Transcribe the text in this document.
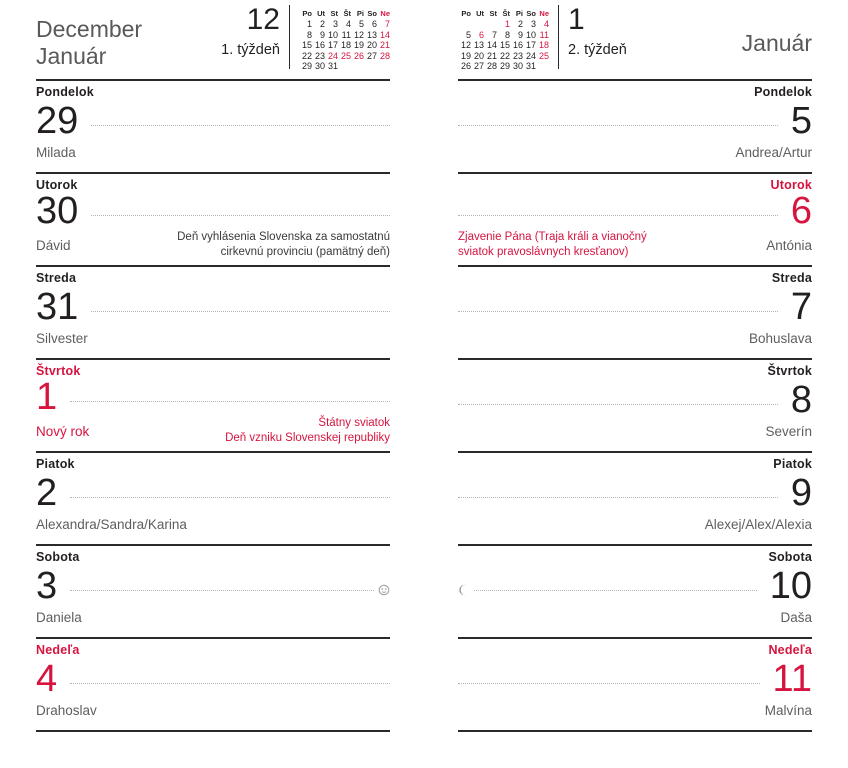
December
Január
12
1. týždeň
Po	Ut	St	Št	Pi	So	Ne
1	2	3	4	5	6	7
8	9	10	11	12	13	14
15	16	17	18	19	20	21
22	23	24	25	26	27	28
29	30	31				
Pondelok
29
Milada
Utorok
30
Dávid
Deň vyhlásenia Slovenska za samostatnú
cirkevnú provinciu (pamätný deň)
Streda
31
Silvester
Štvrtok
1
Nový rok
Štátny sviatok
Deň vzniku Slovenskej republiky
Piatok
2
Alexandra/Sandra/Karina
Sobota
3
Daniela
Nedeľa
4
Drahoslav
Po	Ut	St	Št	Pi	So	Ne
			1	2	3	4
5	6	7	8	9	10	11
12	13	14	15	16	17	18
19	20	21	22	23	24	25
26	27	28	29	30	31	
1
2. týždeň	Január
Pondelok
5
Andrea/Artur
Utorok
6
Zjavenie Pána (Traja králi a vianočný
sviatok pravoslávnych kresťanov)	Antónia
Streda
7
Bohuslava
Štvrtok
8
Severín
Piatok
9
Alexej/Alex/Alexia
Sobota
10
Daša
Nedeľa
11
Malvína
